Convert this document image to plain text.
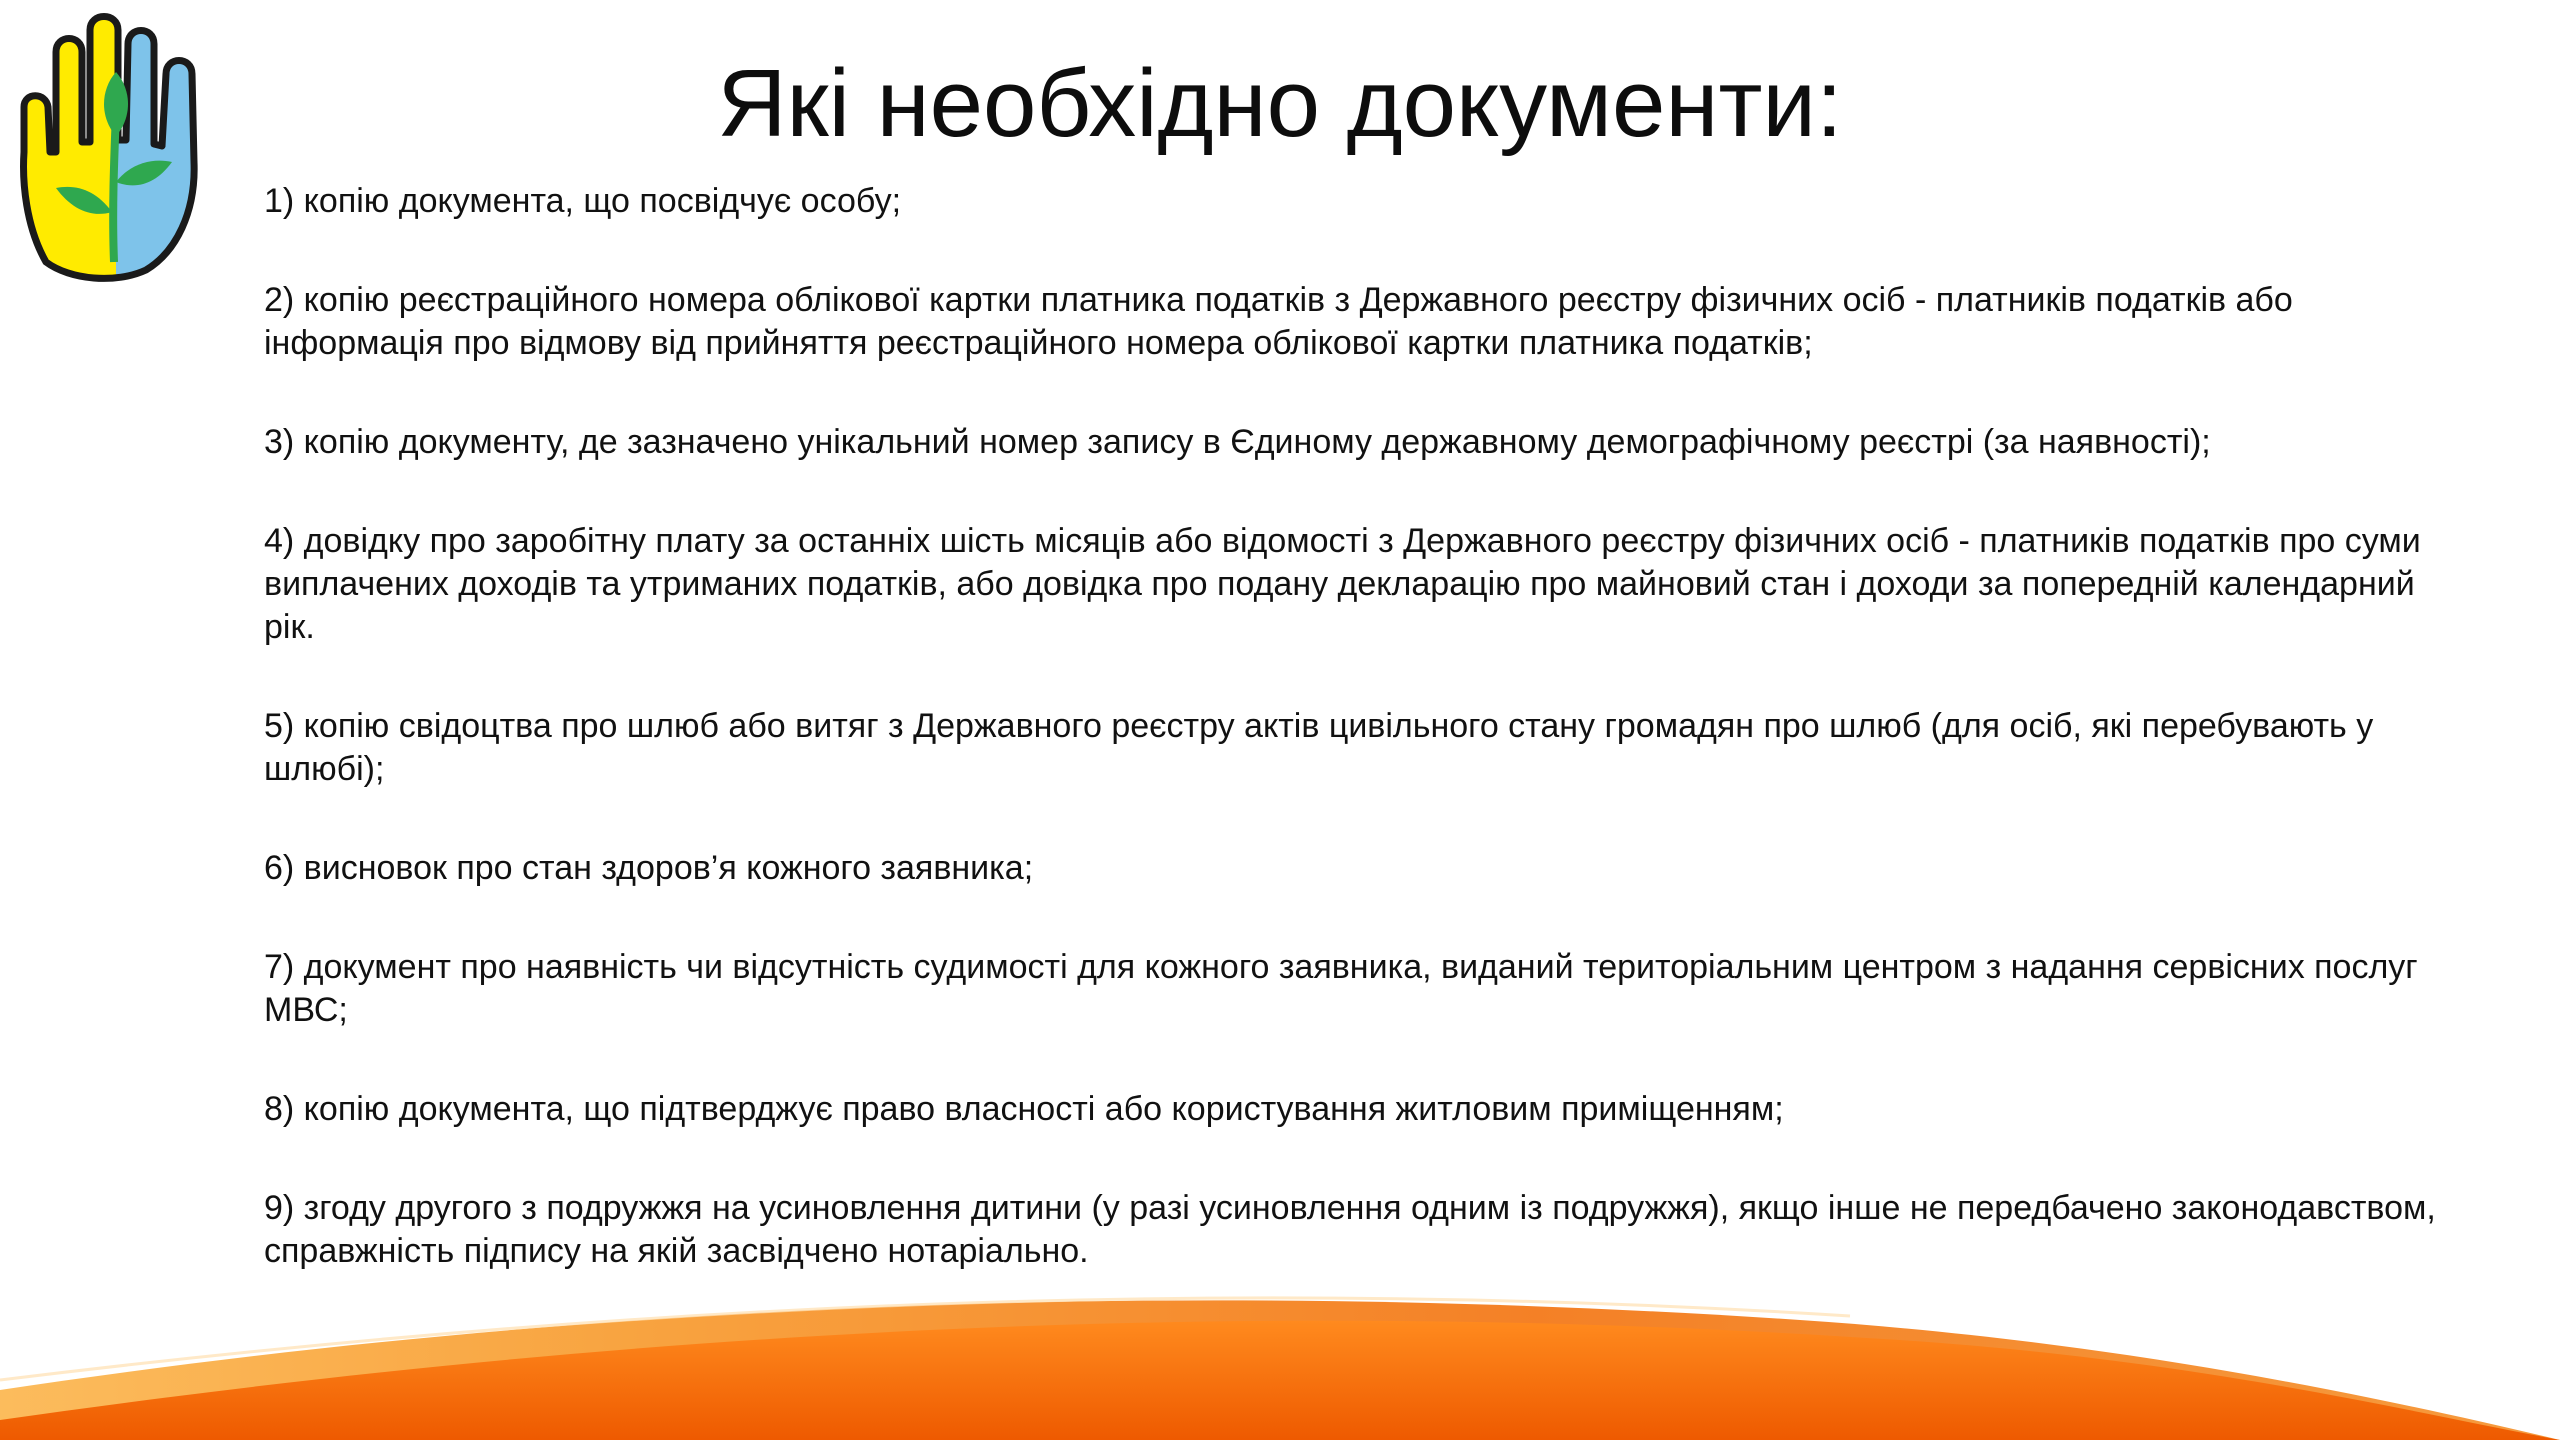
Які необхідно документи:
1) копію документа, що посвідчує особу;
2) копію реєстраційного номера облікової картки платника податків з Державного реєстру фізичних осіб - платників податків або інформація про відмову від прийняття реєстраційного номера облікової картки платника податків;
3) копію документу, де зазначено унікальний номер запису в Єдиному державному демографічному реєстрі (за наявності);
4) довідку про заробітну плату за останніх шість місяців або відомості з Державного реєстру фізичних осіб - платників податків про суми виплачених доходів та утриманих податків, або довідка про подану декларацію про майновий стан і доходи за попередній календарний рік.
5) копію свідоцтва про шлюб або витяг з Державного реєстру актів цивільного стану громадян про шлюб (для осіб, які перебувають у шлюбі);
6) висновок про стан здоров’я кожного заявника;
7) документ про наявність чи відсутність судимості для кожного заявника, виданий територіальним центром з надання сервісних послуг МВС;
8) копію документа, що підтверджує право власності або користування житловим приміщенням;
9) згоду другого з подружжя на усиновлення дитини (у разі усиновлення одним із подружжя), якщо інше не передбачено законодавством, справжність підпису на якій засвідчено нотаріально.
